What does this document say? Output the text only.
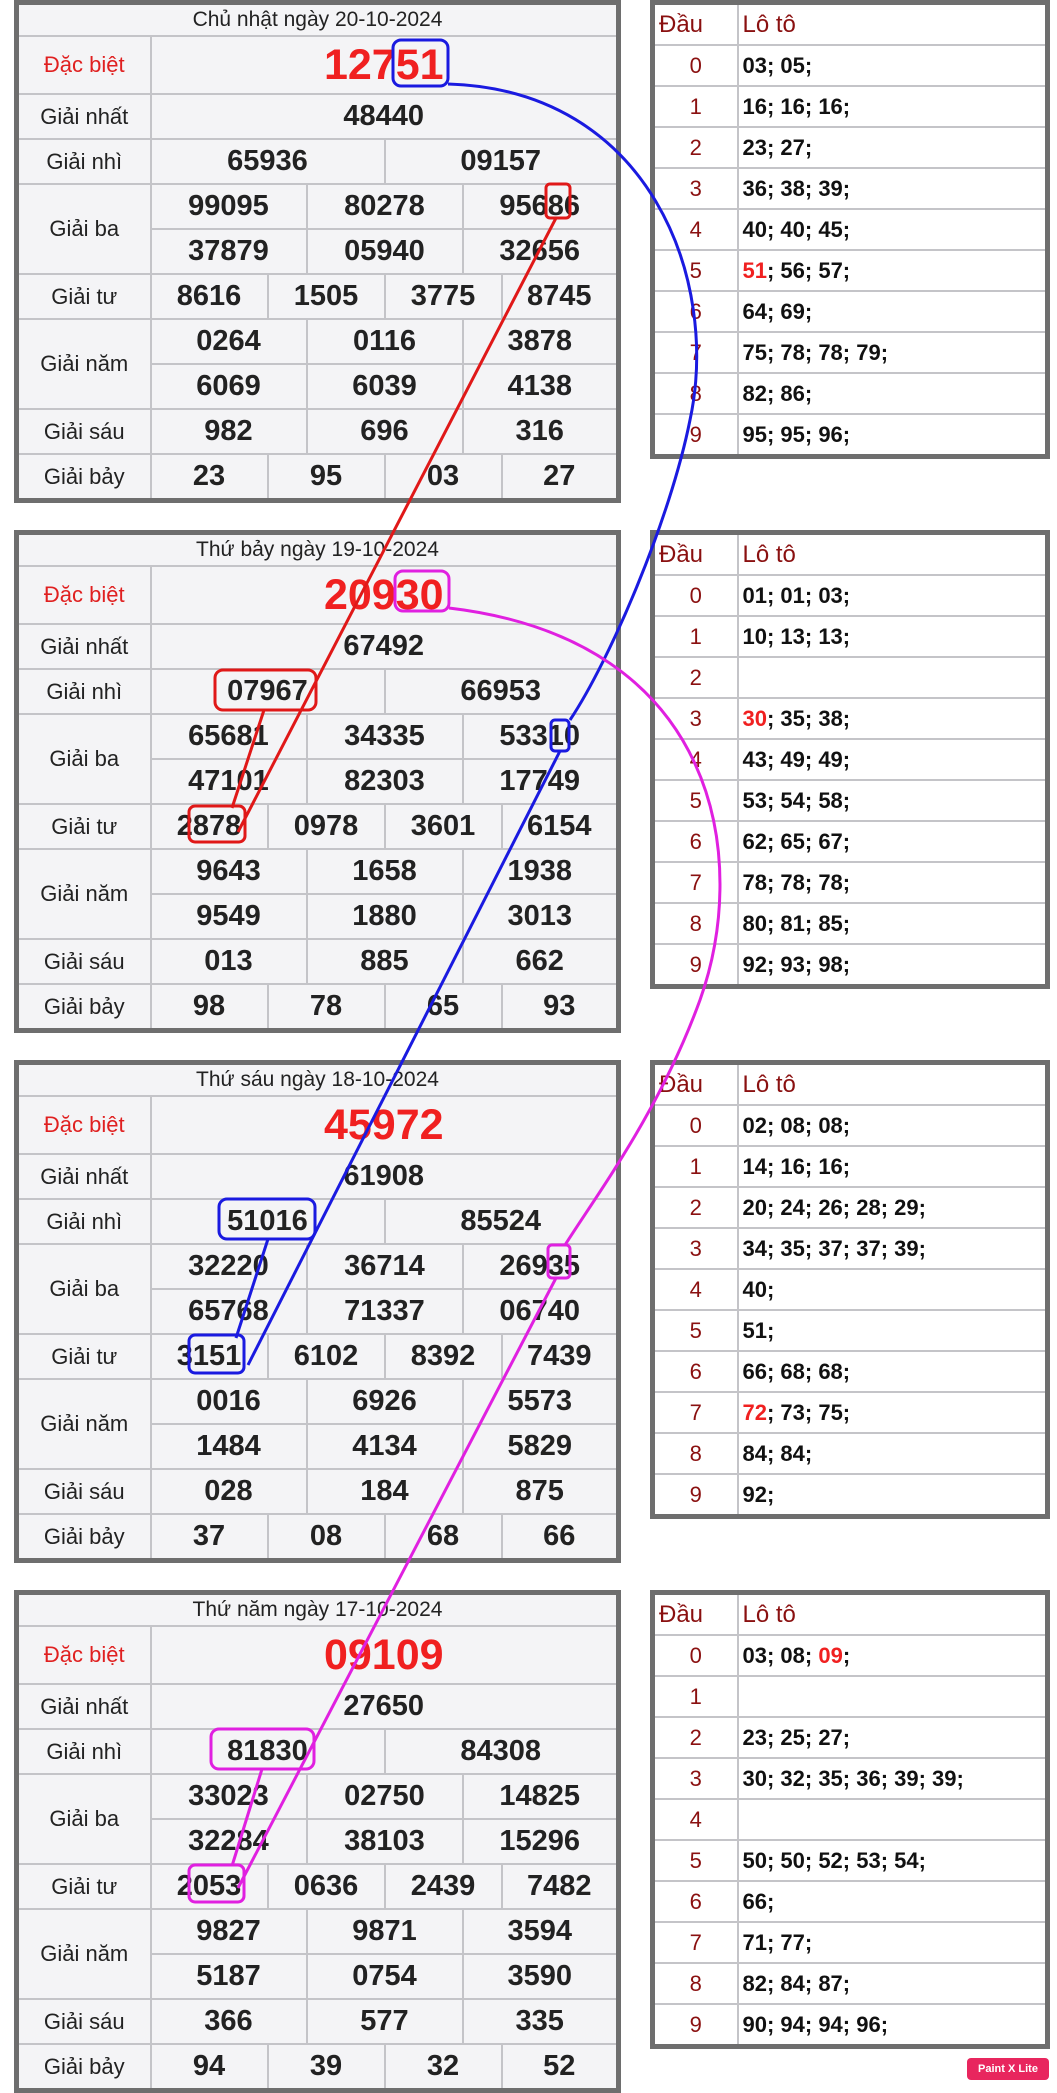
Chủ nhật ngày 20-10-2024						
Đặc biệt	12751					
Giải nhất	48440					
Giải nhì	65936			09157		
Giải ba	99095		80278		95686	
	37879		05940		32656	
Giải tư	8616	1505		3775		8745
Giải năm	0264		0116		3878	
	6069		6039		4138	
Giải sáu	982		696		316	
Giải bảy	23	95		03		27
Đầu	Lô tô
0	03; 05;
1	16; 16; 16;
2	23; 27;
3	36; 38; 39;
4	40; 40; 45;
5	51; 56; 57;
6	64; 69;
7	75; 78; 78; 79;
8	82; 86;
9	95; 95; 96;
Thứ bảy ngày 19-10-2024						
Đặc biệt	20930					
Giải nhất	67492					
Giải nhì	07967			66953		
Giải ba	65681		34335		53310	
	47101		82303		17749	
Giải tư	2878	0978		3601		6154
Giải năm	9643		1658		1938	
	9549		1880		3013	
Giải sáu	013		885		662	
Giải bảy	98	78		65		93
Đầu	Lô tô
0	01; 01; 03;
1	10; 13; 13;
2	
3	30; 35; 38;
4	43; 49; 49;
5	53; 54; 58;
6	62; 65; 67;
7	78; 78; 78;
8	80; 81; 85;
9	92; 93; 98;
Thứ sáu ngày 18-10-2024						
Đặc biệt	45972					
Giải nhất	61908					
Giải nhì	51016			85524		
Giải ba	32220		36714		26935	
	65768		71337		06740	
Giải tư	3151	6102		8392		7439
Giải năm	0016		6926		5573	
	1484		4134		5829	
Giải sáu	028		184		875	
Giải bảy	37	08		68		66
Đầu	Lô tô
0	02; 08; 08;
1	14; 16; 16;
2	20; 24; 26; 28; 29;
3	34; 35; 37; 37; 39;
4	40;
5	51;
6	66; 68; 68;
7	72; 73; 75;
8	84; 84;
9	92;
Thứ năm ngày 17-10-2024						
Đặc biệt	09109					
Giải nhất	27650					
Giải nhì	81830			84308		
Giải ba	33023		02750		14825	
	32284		38103		15296	
Giải tư	2053	0636		2439		7482
Giải năm	9827		9871		3594	
	5187		0754		3590	
Giải sáu	366		577		335	
Giải bảy	94	39		32		52
Đầu	Lô tô
0	03; 08; 09;
1	
2	23; 25; 27;
3	30; 32; 35; 36; 39; 39;
4	
5	50; 50; 52; 53; 54;
6	66;
7	71; 77;
8	82; 84; 87;
9	90; 94; 94; 96;
Paint X Lite
